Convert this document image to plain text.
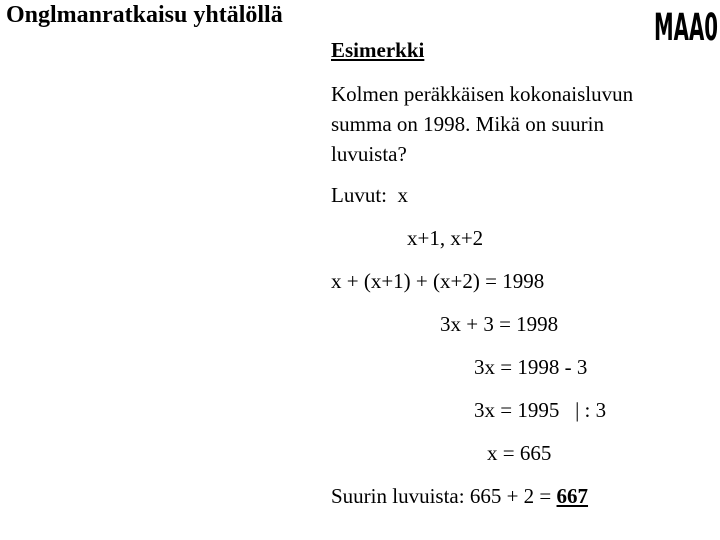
Onglmanratkaisu yhtälöllä	MAA0
Esimerkki
Kolmen peräkkäisen kokonaisluvun
summa on 1998. Mikä on suurin
luvuista?
Luvut:  x
x+1, x+2
x + (x+1) + (x+2) = 1998
3x + 3 = 1998
3x = 1998 - 3
3x = 1995   | : 3
x = 665
Suurin luvuista: 665 + 2 = 667
